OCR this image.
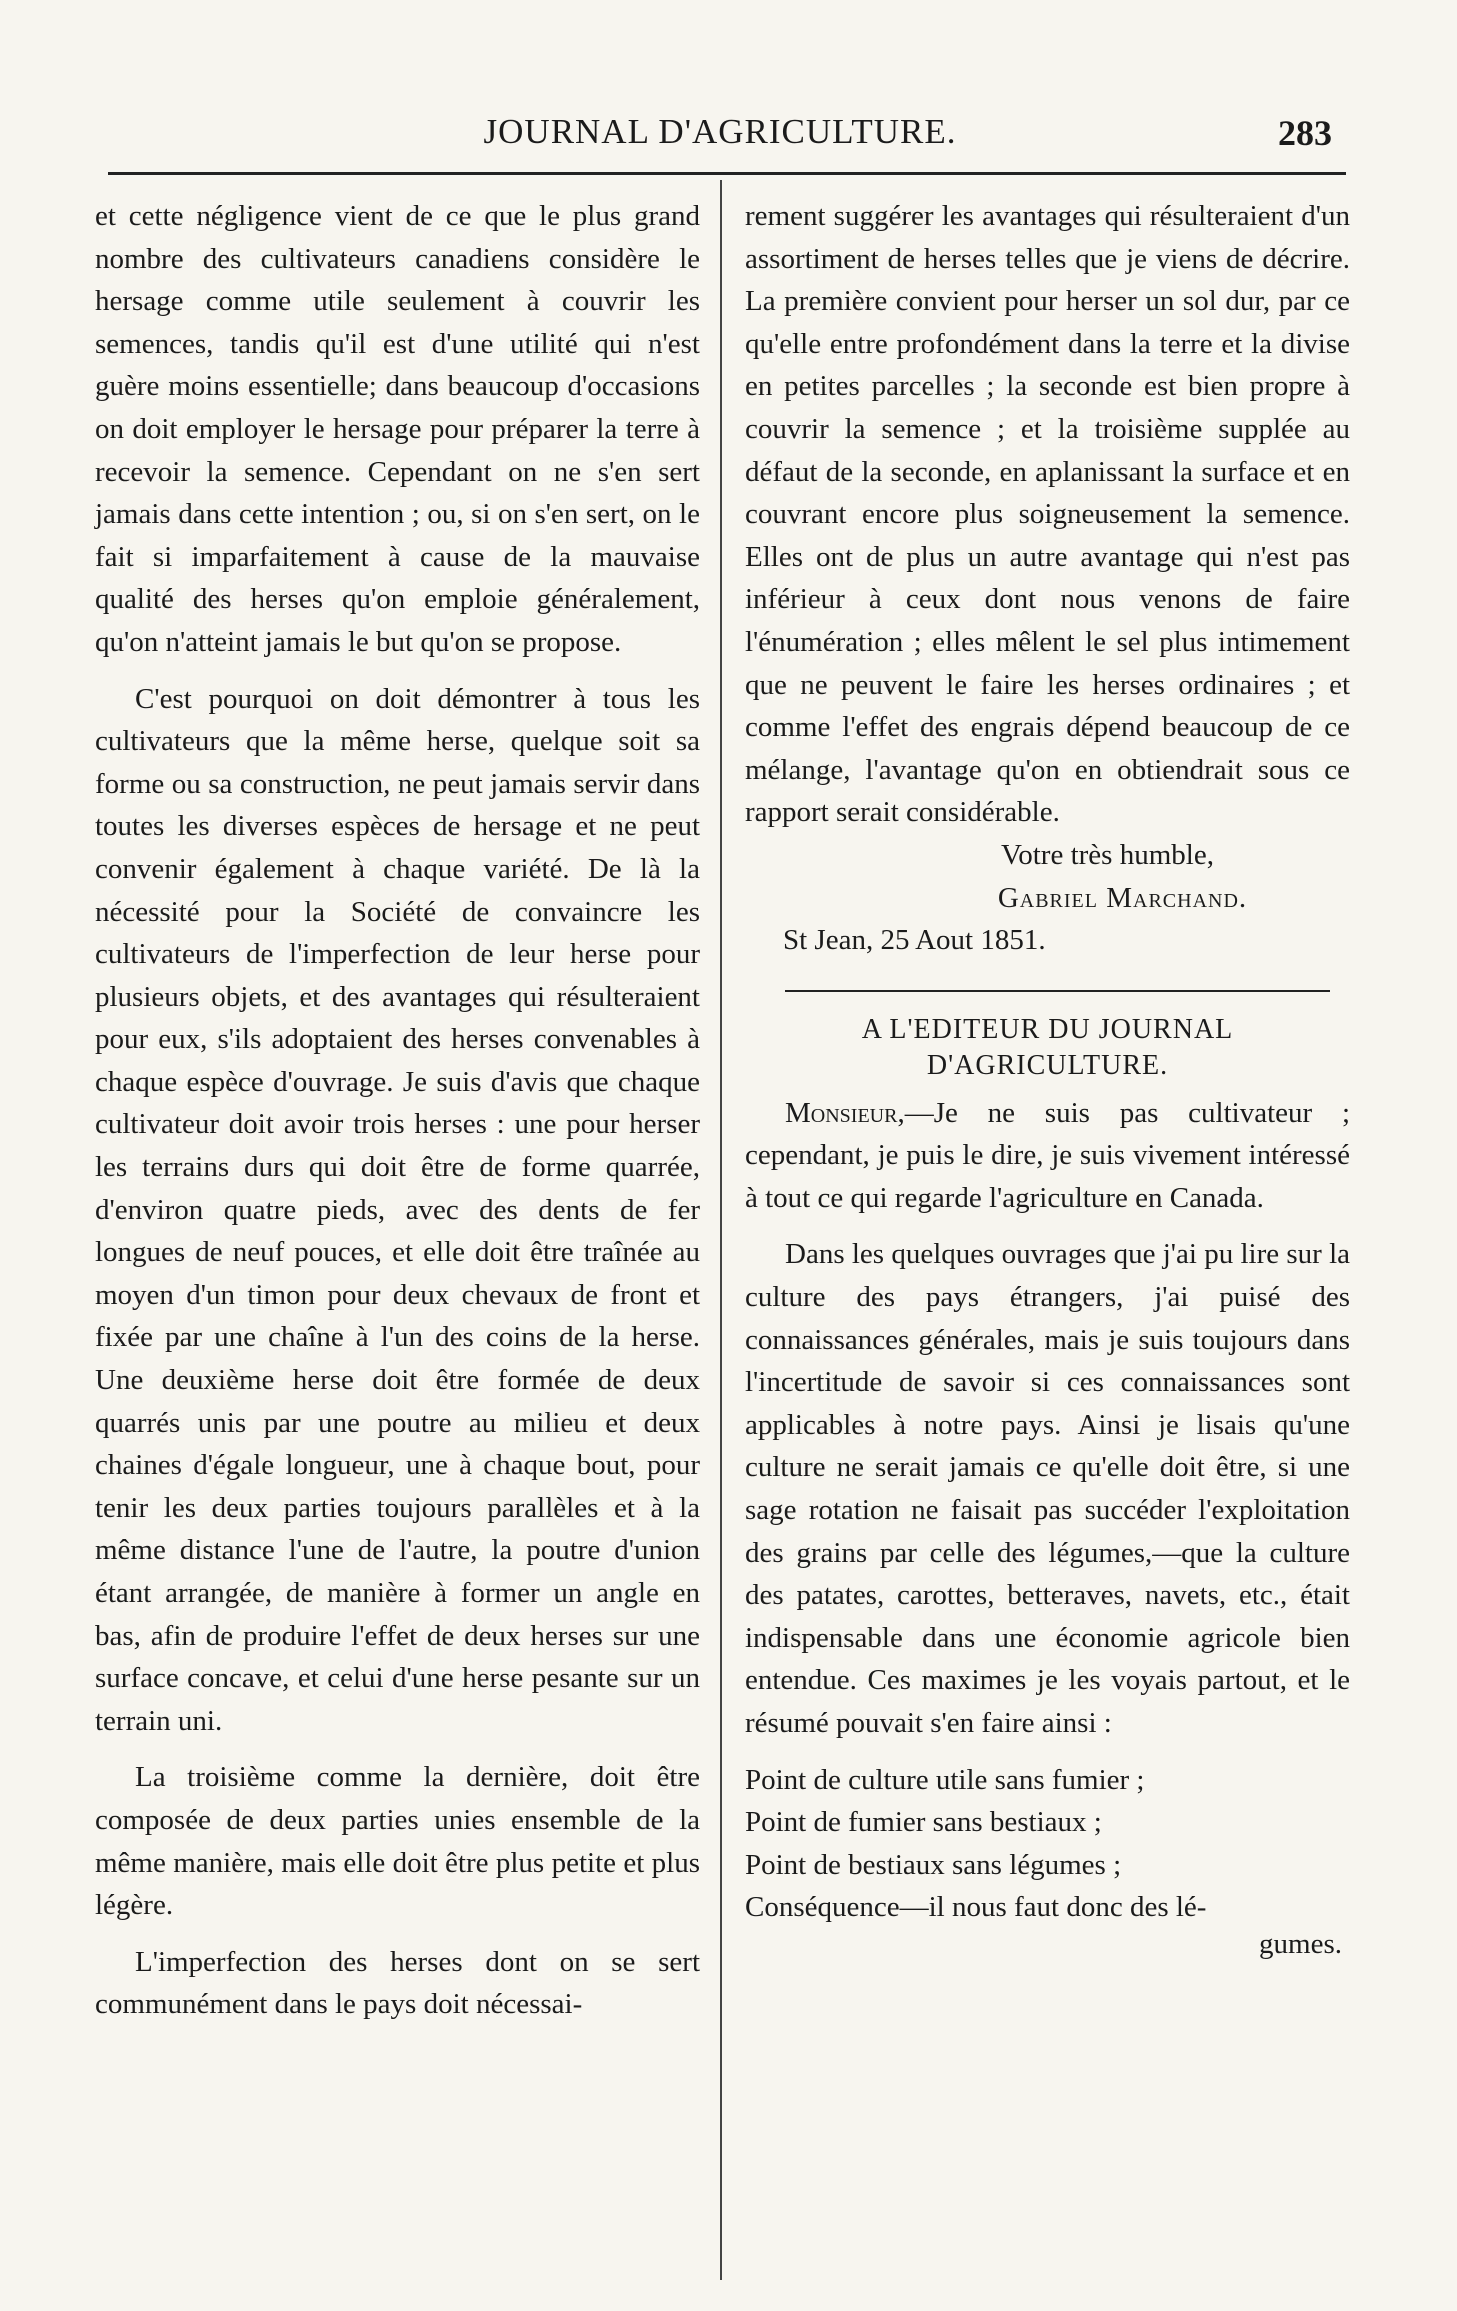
JOURNAL D'AGRICULTURE.	283

et cette négligence vient de ce que le plus grand nombre des cultivateurs canadiens considère le hersage comme utile seulement à couvrir les semences, tandis qu'il est d'une utilité qui n'est guère moins essentielle; dans beaucoup d'occasions on doit employer le hersage pour préparer la terre à recevoir la semence. Cependant on ne s'en sert jamais dans cette intention ; ou, si on s'en sert, on le fait si imparfaitement à cause de la mauvaise qualité des herses qu'on emploie généralement, qu'on n'atteint jamais le but qu'on se propose.

C'est pourquoi on doit démontrer à tous les cultivateurs que la même herse, quelque soit sa forme ou sa construction, ne peut jamais servir dans toutes les diverses espèces de hersage et ne peut convenir également à chaque variété. De là la nécessité pour la Société de convaincre les cultivateurs de l'imperfection de leur herse pour plusieurs objets, et des avantages qui résulteraient pour eux, s'ils adoptaient des herses convenables à chaque espèce d'ouvrage. Je suis d'avis que chaque cultivateur doit avoir trois herses : une pour herser les terrains durs qui doit être de forme quarrée, d'environ quatre pieds, avec des dents de fer longues de neuf pouces, et elle doit être traînée au moyen d'un timon pour deux chevaux de front et fixée par une chaîne à l'un des coins de la herse. Une deuxième herse doit être formée de deux quarrés unis par une poutre au milieu et deux chaines d'égale longueur, une à chaque bout, pour tenir les deux parties toujours parallèles et à la même distance l'une de l'autre, la poutre d'union étant arrangée, de manière à former un angle en bas, afin de produire l'effet de deux herses sur une surface concave, et celui d'une herse pesante sur un terrain uni.

La troisième comme la dernière, doit être composée de deux parties unies ensemble de la même manière, mais elle doit être plus petite et plus légère.

L'imperfection des herses dont on se sert communément dans le pays doit nécessai-

rement suggérer les avantages qui résulteraient d'un assortiment de herses telles que je viens de décrire. La première convient pour herser un sol dur, par ce qu'elle entre profondément dans la terre et la divise en petites parcelles ; la seconde est bien propre à couvrir la semence ; et la troisième supplée au défaut de la seconde, en aplanissant la surface et en couvrant encore plus soigneusement la semence. Elles ont de plus un autre avantage qui n'est pas inférieur à ceux dont nous venons de faire l'énumération ; elles mêlent le sel plus intimement que ne peuvent le faire les herses ordinaires ; et comme l'effet des engrais dépend beaucoup de ce mélange, l'avantage qu'on en obtiendrait sous ce rapport serait considérable.

Votre très humble,
Gabriel Marchand.
St Jean, 25 Aout 1851.
A L'EDITEUR DU JOURNAL D'AGRICULTURE.

Monsieur,—Je ne suis pas cultivateur ; cependant, je puis le dire, je suis vivement intéressé à tout ce qui regarde l'agriculture en Canada.

Dans les quelques ouvrages que j'ai pu lire sur la culture des pays étrangers, j'ai puisé des connaissances générales, mais je suis toujours dans l'incertitude de savoir si ces connaissances sont applicables à notre pays. Ainsi je lisais qu'une culture ne serait jamais ce qu'elle doit être, si une sage rotation ne faisait pas succéder l'exploitation des grains par celle des légumes,—que la culture des patates, carottes, betteraves, navets, etc., était indispensable dans une économie agricole bien entendue. Ces maximes je les voyais partout, et le résumé pouvait s'en faire ainsi :

Point de culture utile sans fumier ;
Point de fumier sans bestiaux ;
Point de bestiaux sans légumes ;
Conséquence—il nous faut donc des lé-
gumes.
